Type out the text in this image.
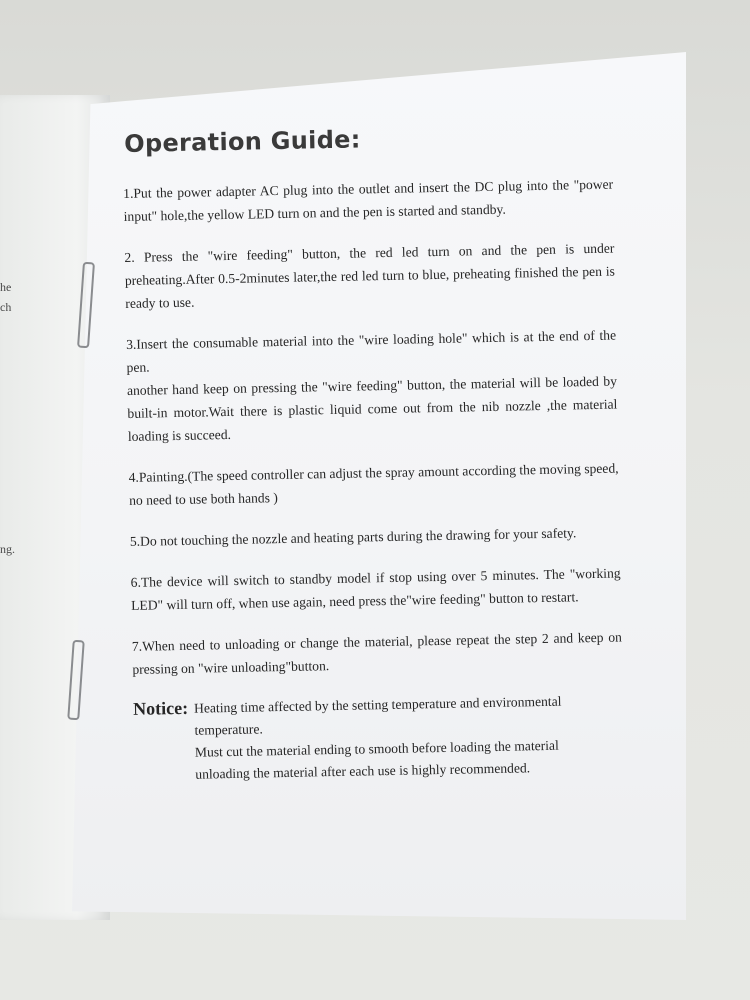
he
ch
ng.
Operation Guide:

1.Put the power adapter AC plug into the outlet and insert the DC plug into the "power input" hole,the yellow LED turn on and the pen is started and standby.

2. Press the "wire feeding" button, the red led turn on and the pen is under preheating.After 0.5-2minutes later,the red led turn to blue, preheating finished the pen is ready to use.

3.Insert the consumable material into the "wire loading hole" which is at the end of the pen.

another hand keep on pressing the "wire feeding" button, the material will be loaded by built-in motor.Wait there is plastic liquid come out from the nib nozzle ,the material loading is succeed.

4.Painting.(The speed controller can adjust the spray amount according the moving speed, no need to use both hands )

5.Do not touching the nozzle and heating parts during the drawing for your safety.

6.The device will switch to standby model if stop using over 5 minutes. The "working LED" will turn off, when use again, need press the"wire feeding" button to restart.

7.When need to unloading or change the material, please repeat the step 2 and keep on pressing on "wire unloading"button.

Notice: Heating time affected by the setting temperature and environmental temperature.
Must cut the material ending to smooth before loading the material
unloading the material after each use is highly recommended.
